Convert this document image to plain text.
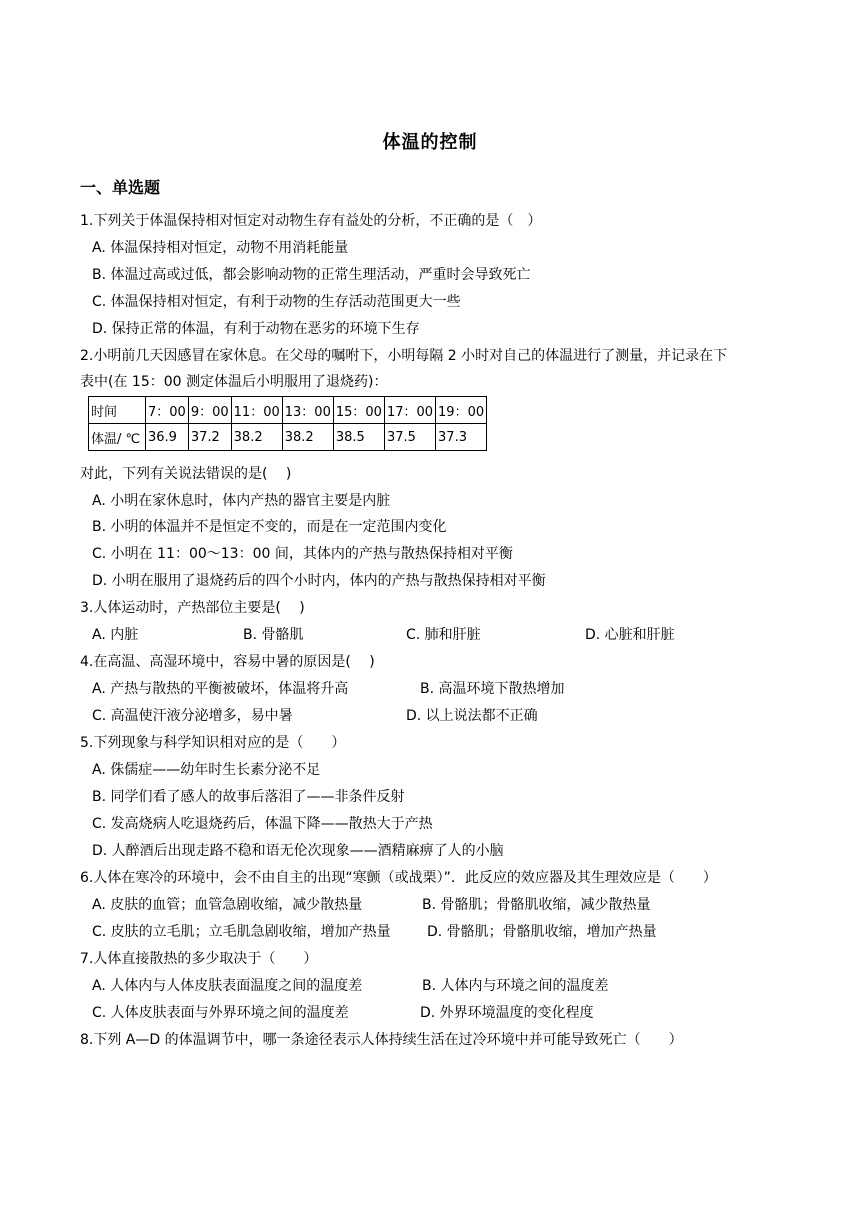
体温的控制
一、单选题
1.下列关于体温保持相对恒定对动物生存有益处的分析，不正确的是（　）
A. 体温保持相对恒定，动物不用消耗能量
B. 体温过高或过低，都会影响动物的正常生理活动，严重时会导致死亡
C. 体温保持相对恒定，有利于动物的生存活动范围更大一些
D. 保持正常的体温，有利于动物在恶劣的环境下生存
2.小明前几天因感冒在家休息。在父母的嘱咐下，小明每隔 2 小时对自己的体温进行了测量，并记录在下
表中(在 15：00 测定体温后小明服用了退烧药)：
时间	7：00	9：00	11：00	13：00	15：00	17：00	19：00
体温/ ℃	36.9	37.2	38.2	38.2	38.5	37.5	37.3
对此，下列有关说法错误的是(　 )
A. 小明在家休息时，体内产热的器官主要是内脏
B. 小明的体温并不是恒定不变的，而是在一定范围内变化
C. 小明在 11：00～13：00 间，其体内的产热与散热保持相对平衡
D. 小明在服用了退烧药后的四个小时内，体内的产热与散热保持相对平衡
3.人体运动时，产热部位主要是(　 )
A. 内脏	B. 骨骼肌	C. 肺和肝脏	D. 心脏和肝脏
4.在高温、高湿环境中，容易中暑的原因是(　 )
A. 产热与散热的平衡被破坏，体温将升高	B. 高温环境下散热增加
C. 高温使汗液分泌增多，易中暑	D. 以上说法都不正确
5.下列现象与科学知识相对应的是（　　）
A. 侏儒症——幼年时生长素分泌不足
B. 同学们看了感人的故事后落泪了——非条件反射
C. 发高烧病人吃退烧药后，体温下降——散热大于产热
D. 人醉酒后出现走路不稳和语无伦次现象——酒精麻痹了人的小脑
6.人体在寒冷的环境中，会不由自主的出现“寒颤（或战栗）”．此反应的效应器及其生理效应是（　　）
A. 皮肤的血管；血管急剧收缩，减少散热量	B. 骨骼肌；骨骼肌收缩，减少散热量
C. 皮肤的立毛肌；立毛肌急剧收缩，增加产热量	D. 骨骼肌；骨骼肌收缩，增加产热量
7.人体直接散热的多少取决于（　　）
A. 人体内与人体皮肤表面温度之间的温度差	B. 人体内与环境之间的温度差
C. 人体皮肤表面与外界环境之间的温度差	D. 外界环境温度的变化程度
8.下列 A—D 的体温调节中，哪一条途径表示人体持续生活在过冷环境中并可能导致死亡（　　）
